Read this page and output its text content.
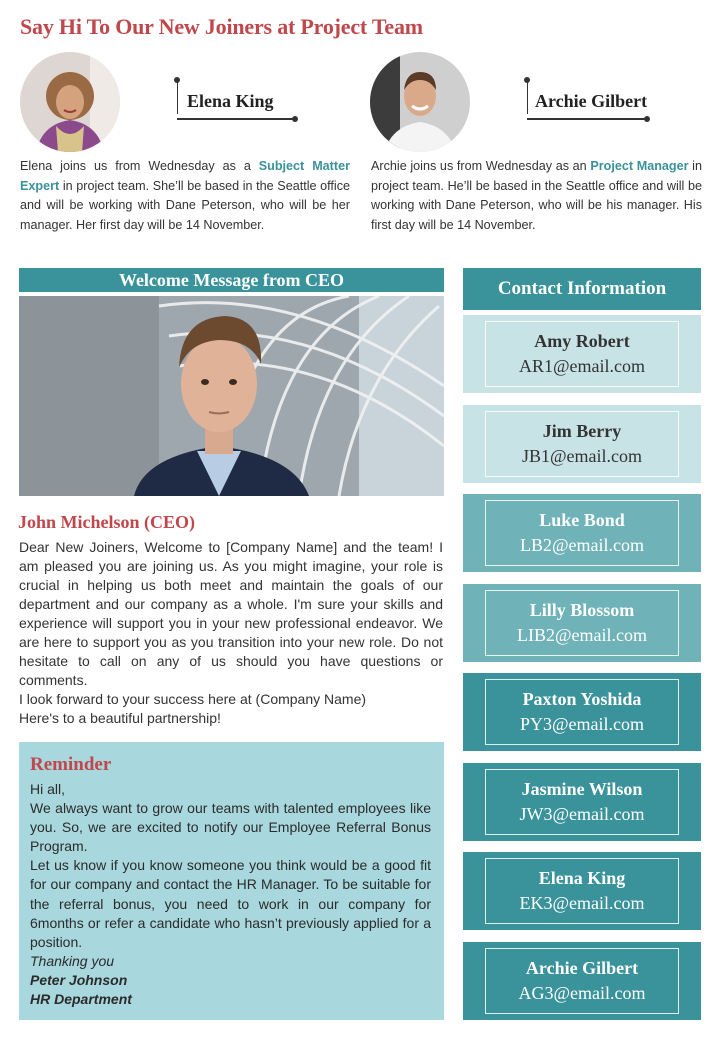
Say Hi To Our New Joiners at Project Team
Elena King
Elena joins us from Wednesday as a Subject Matter Expert in project team. She’ll be based in the Seattle office and will be working with Dane Peterson, who will be her manager. Her first day will be 14 November.
Archie Gilbert
Archie joins us from Wednesday as an Project Manager in project team. He’ll be based in the Seattle office and will be working with Dane Peterson, who will be his manager. His first day will be 14 November.
Welcome Message from CEO
John Michelson (CEO)
Dear New Joiners, Welcome to [Company Name] and the team! I am pleased you are joining us. As you might imagine, your role is crucial in helping us both meet and maintain the goals of our department and our company as a whole. I'm sure your skills and experience will support you in your new professional endeavor. We are here to support you as you transition into your new role. Do not hesitate to call on any of us should you have questions or comments.
I look forward to your success here at (Company Name)
Here's to a beautiful partnership!
Reminder
Hi all,
We always want to grow our teams with talented employees like you. So, we are excited to notify our Employee Referral Bonus Program.
Let us know if you know someone you think would be a good fit for our company and contact the HR Manager. To be suitable for the referral bonus, you need to work in our company for 6months or refer a candidate who hasn’t previously applied for a position.
Thanking you
Peter Johnson
HR Department
Contact Information
Amy Robert
AR1@email.com
Jim Berry
JB1@email.com
Luke Bond
LB2@email.com
Lilly Blossom
LIB2@email.com
Paxton Yoshida
PY3@email.com
Jasmine Wilson
JW3@email.com
Elena King
EK3@email.com
Archie Gilbert
AG3@email.com
